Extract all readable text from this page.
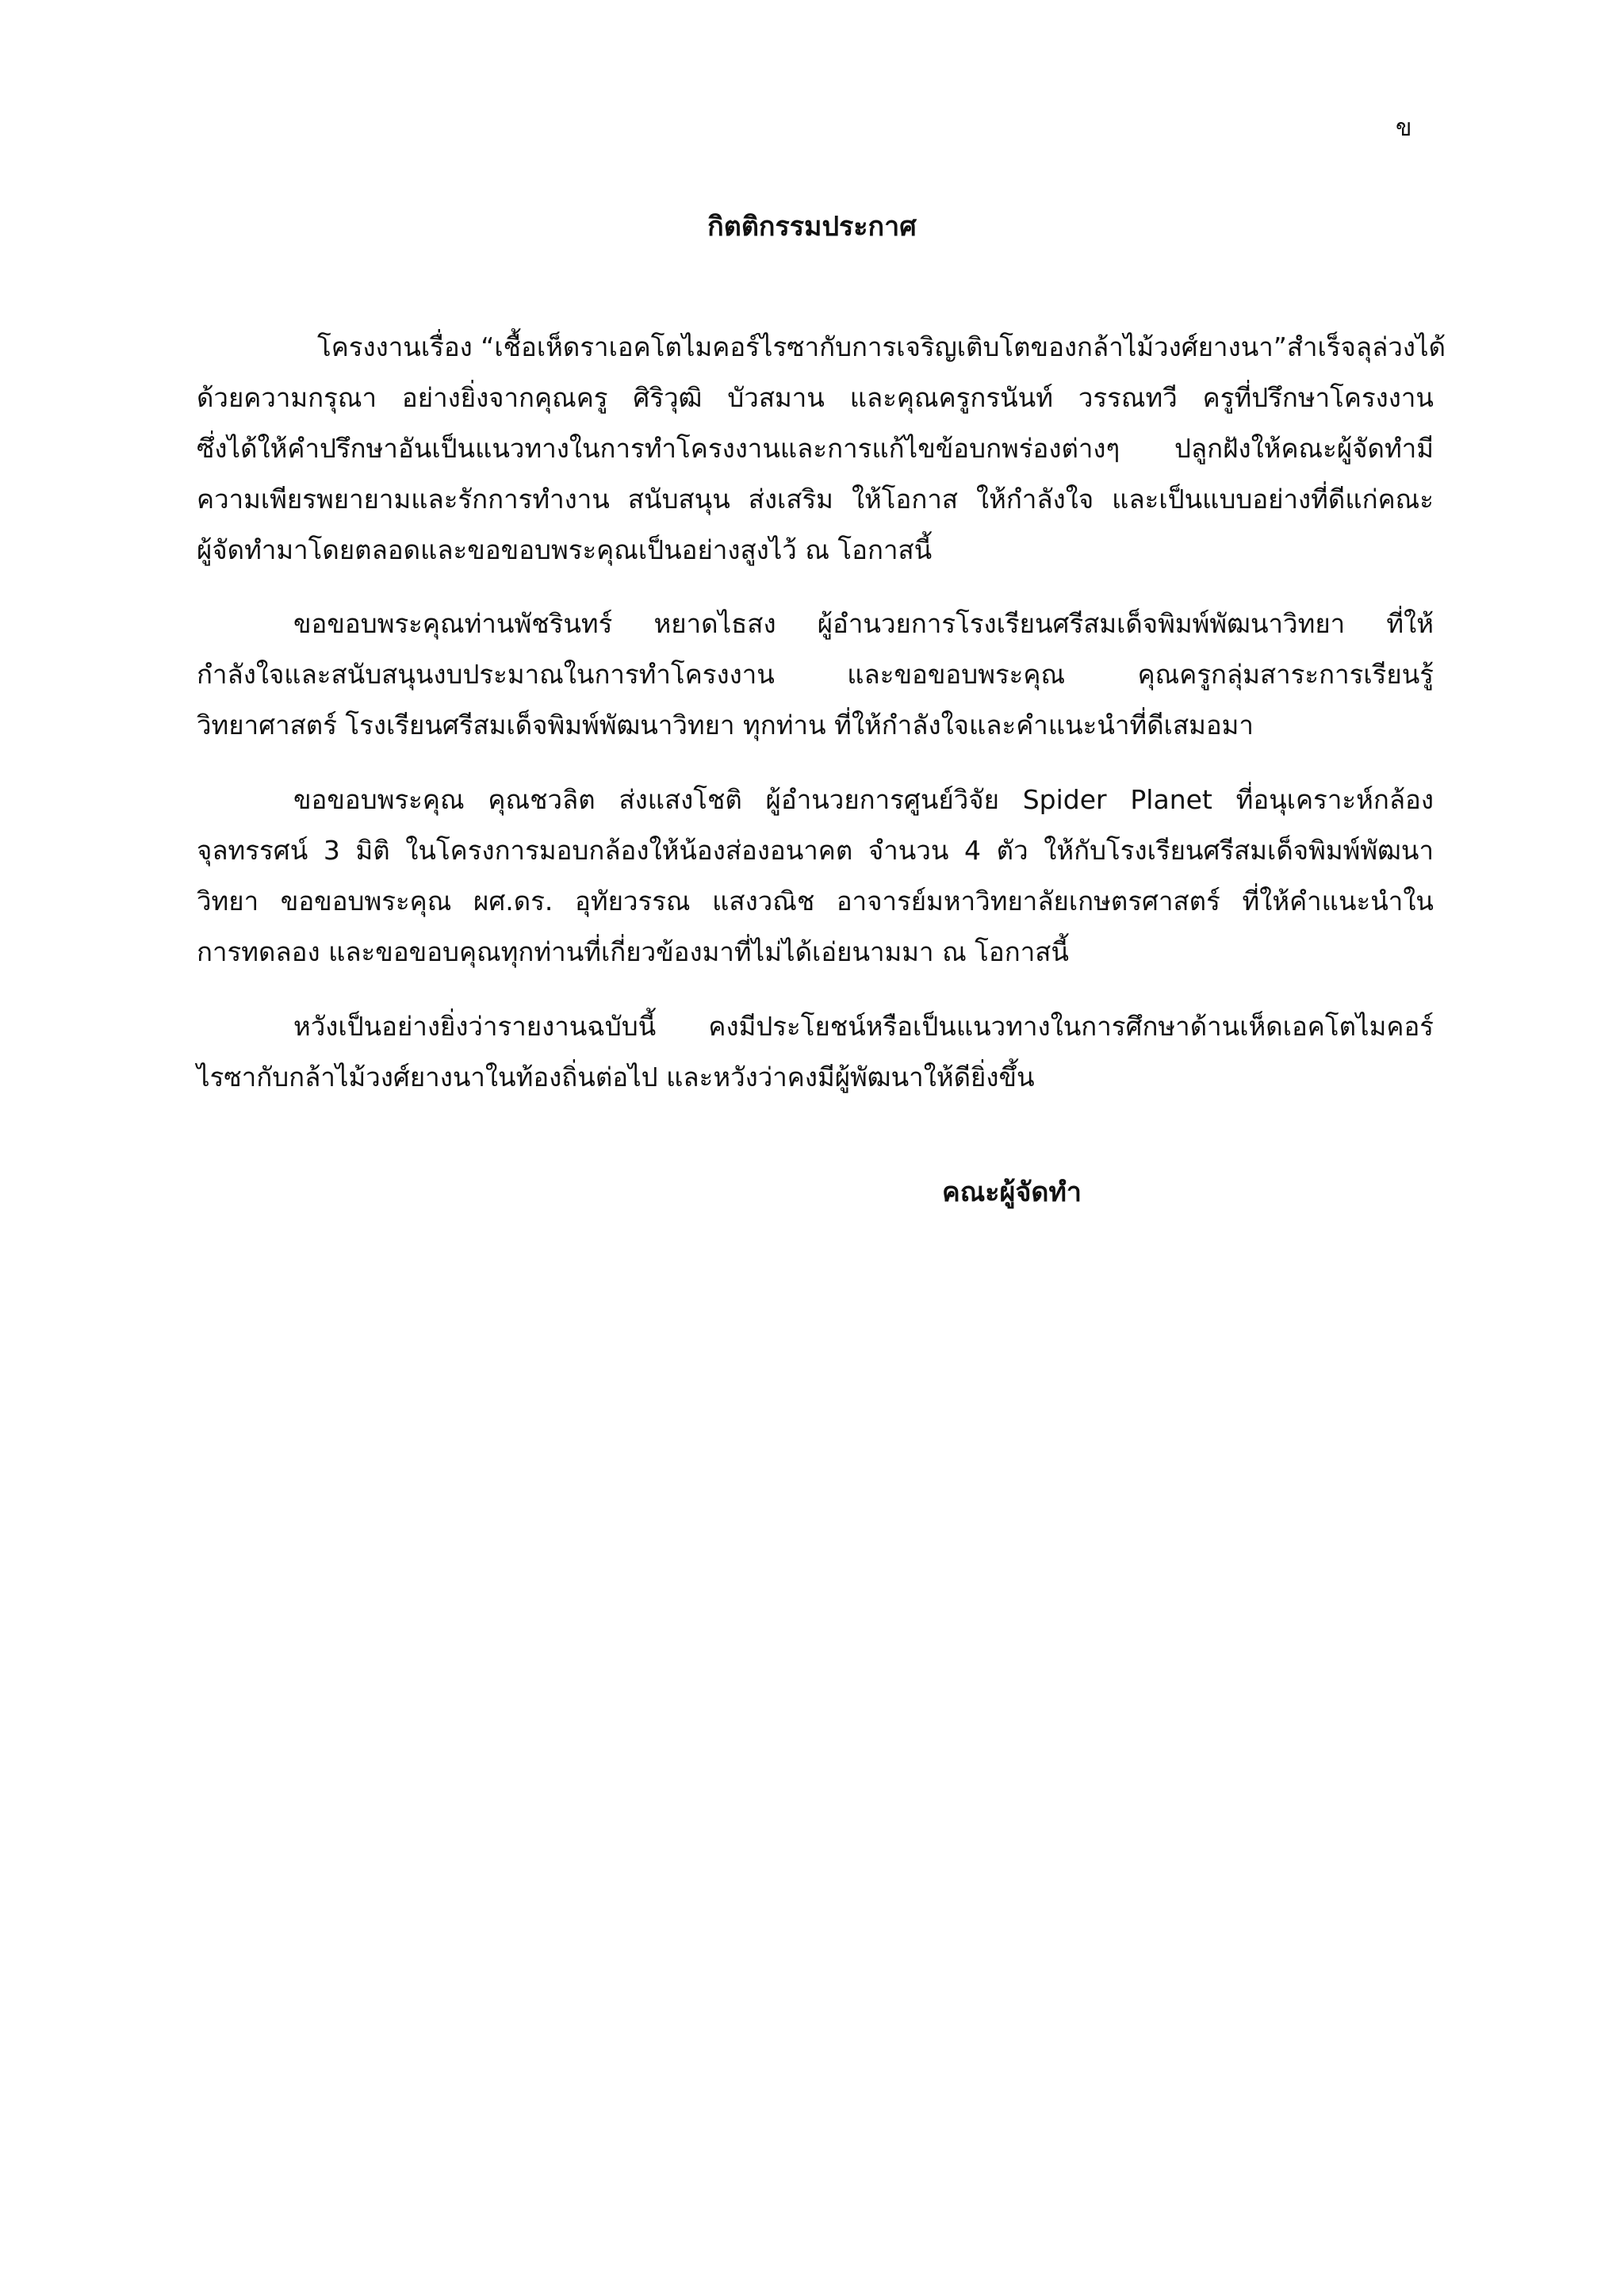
ข
กิตติกรรมประกาศ
โครงงานเรื่อง “เชื้อเห็ดราเอคโตไมคอร์ไรซากับการเจริญเติบโตของกล้าไม้วงศ์ยางนา”สำเร็จลุล่วงได้
ด้วยความกรุณา อย่างยิ่งจากคุณครู ศิริวุฒิ บัวสมาน และคุณครูกรนันท์ วรรณทวี ครูที่ปรึกษาโครงงาน
ซึ่งได้ให้คำปรึกษาอันเป็นแนวทางในการทำโครงงานและการแก้ไขข้อบกพร่องต่างๆ ปลูกฝังให้คณะผู้จัดทำมี
ความเพียรพยายามและรักการทำงาน สนับสนุน ส่งเสริม ให้โอกาส ให้กำลังใจ และเป็นแบบอย่างที่ดีแก่คณะ
ผู้จัดทำมาโดยตลอดและขอขอบพระคุณเป็นอย่างสูงไว้ ณ โอกาสนี้
ขอขอบพระคุณท่านพัชรินทร์ หยาดไธสง ผู้อำนวยการโรงเรียนศรีสมเด็จพิมพ์พัฒนาวิทยา ที่ให้
กำลังใจและสนับสนุนงบประมาณในการทำโครงงาน และขอขอบพระคุณ คุณครูกลุ่มสาระการเรียนรู้
วิทยาศาสตร์ โรงเรียนศรีสมเด็จพิมพ์พัฒนาวิทยา ทุกท่าน ที่ให้กำลังใจและคำแนะนำที่ดีเสมอมา
ขอขอบพระคุณ คุณชวลิต ส่งแสงโชติ ผู้อำนวยการศูนย์วิจัย Spider Planet ที่อนุเคราะห์กล้อง
จุลทรรศน์ 3 มิติ ในโครงการมอบกล้องให้น้องส่องอนาคต จำนวน 4 ตัว ให้กับโรงเรียนศรีสมเด็จพิมพ์พัฒนา
วิทยา ขอขอบพระคุณ ผศ.ดร. อุทัยวรรณ แสงวณิช อาจารย์มหาวิทยาลัยเกษตรศาสตร์ ที่ให้คำแนะนำใน
การทดลอง และขอขอบคุณทุกท่านที่เกี่ยวข้องมาที่ไม่ได้เอ่ยนามมา ณ โอกาสนี้
หวังเป็นอย่างยิ่งว่ารายงานฉบับนี้ คงมีประโยชน์หรือเป็นแนวทางในการศึกษาด้านเห็ดเอคโตไมคอร์
ไรซากับกล้าไม้วงศ์ยางนาในท้องถิ่นต่อไป และหวังว่าคงมีผู้พัฒนาให้ดียิ่งขึ้น
คณะผู้จัดทำ
